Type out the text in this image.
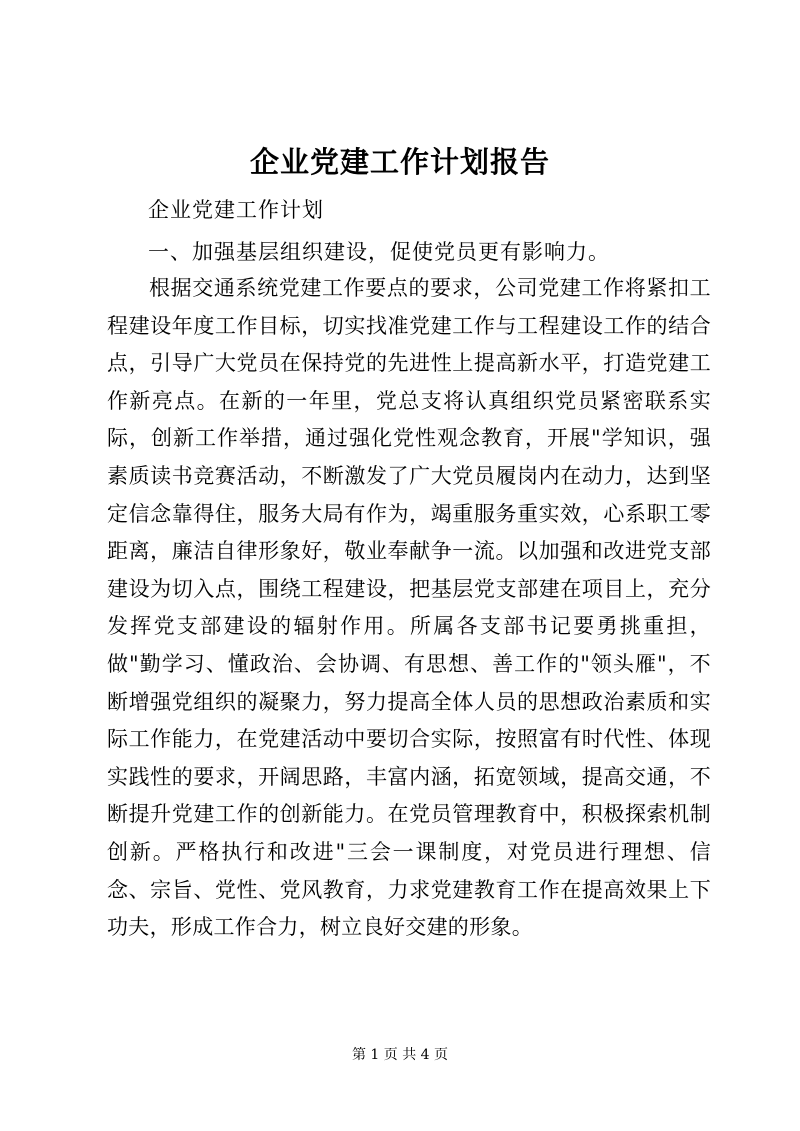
企业党建工作计划报告
企业党建工作计划
一、加强基层组织建设，促使党员更有影响力。

根据交通系统党建工作要点的要求，公司党建工作将紧扣工程建设年度工作目标，切实找准党建工作与工程建设工作的结合点，引导广大党员在保持党的先进性上提高新水平，打造党建工作新亮点。在新的一年里，党总支将认真组织党员紧密联系实际，创新工作举措，通过强化党性观念教育，开展"学知识，强素质读书竞赛活动，不断激发了广大党员履岗内在动力，达到坚定信念靠得住，服务大局有作为，竭重服务重实效，心系职工零距离，廉洁自律形象好，敬业奉献争一流。以加强和改进党支部建设为切入点，围绕工程建设，把基层党支部建在项目上，充分发挥党支部建设的辐射作用。所属各支部书记要勇挑重担，做"勤学习、懂政治、会协调、有思想、善工作的"领头雁"，不断增强党组织的凝聚力，努力提高全体人员的思想政治素质和实际工作能力，在党建活动中要切合实际，按照富有时代性、体现实践性的要求，开阔思路，丰富内涵，拓宽领域，提高交通，不断提升党建工作的创新能力。在党员管理教育中，积极探索机制创新。严格执行和改进"三会一课制度，对党员进行理想、信念、宗旨、党性、党风教育，力求党建教育工作在提高效果上下功夫，形成工作合力，树立良好交建的形象。

第 1 页 共 4 页
